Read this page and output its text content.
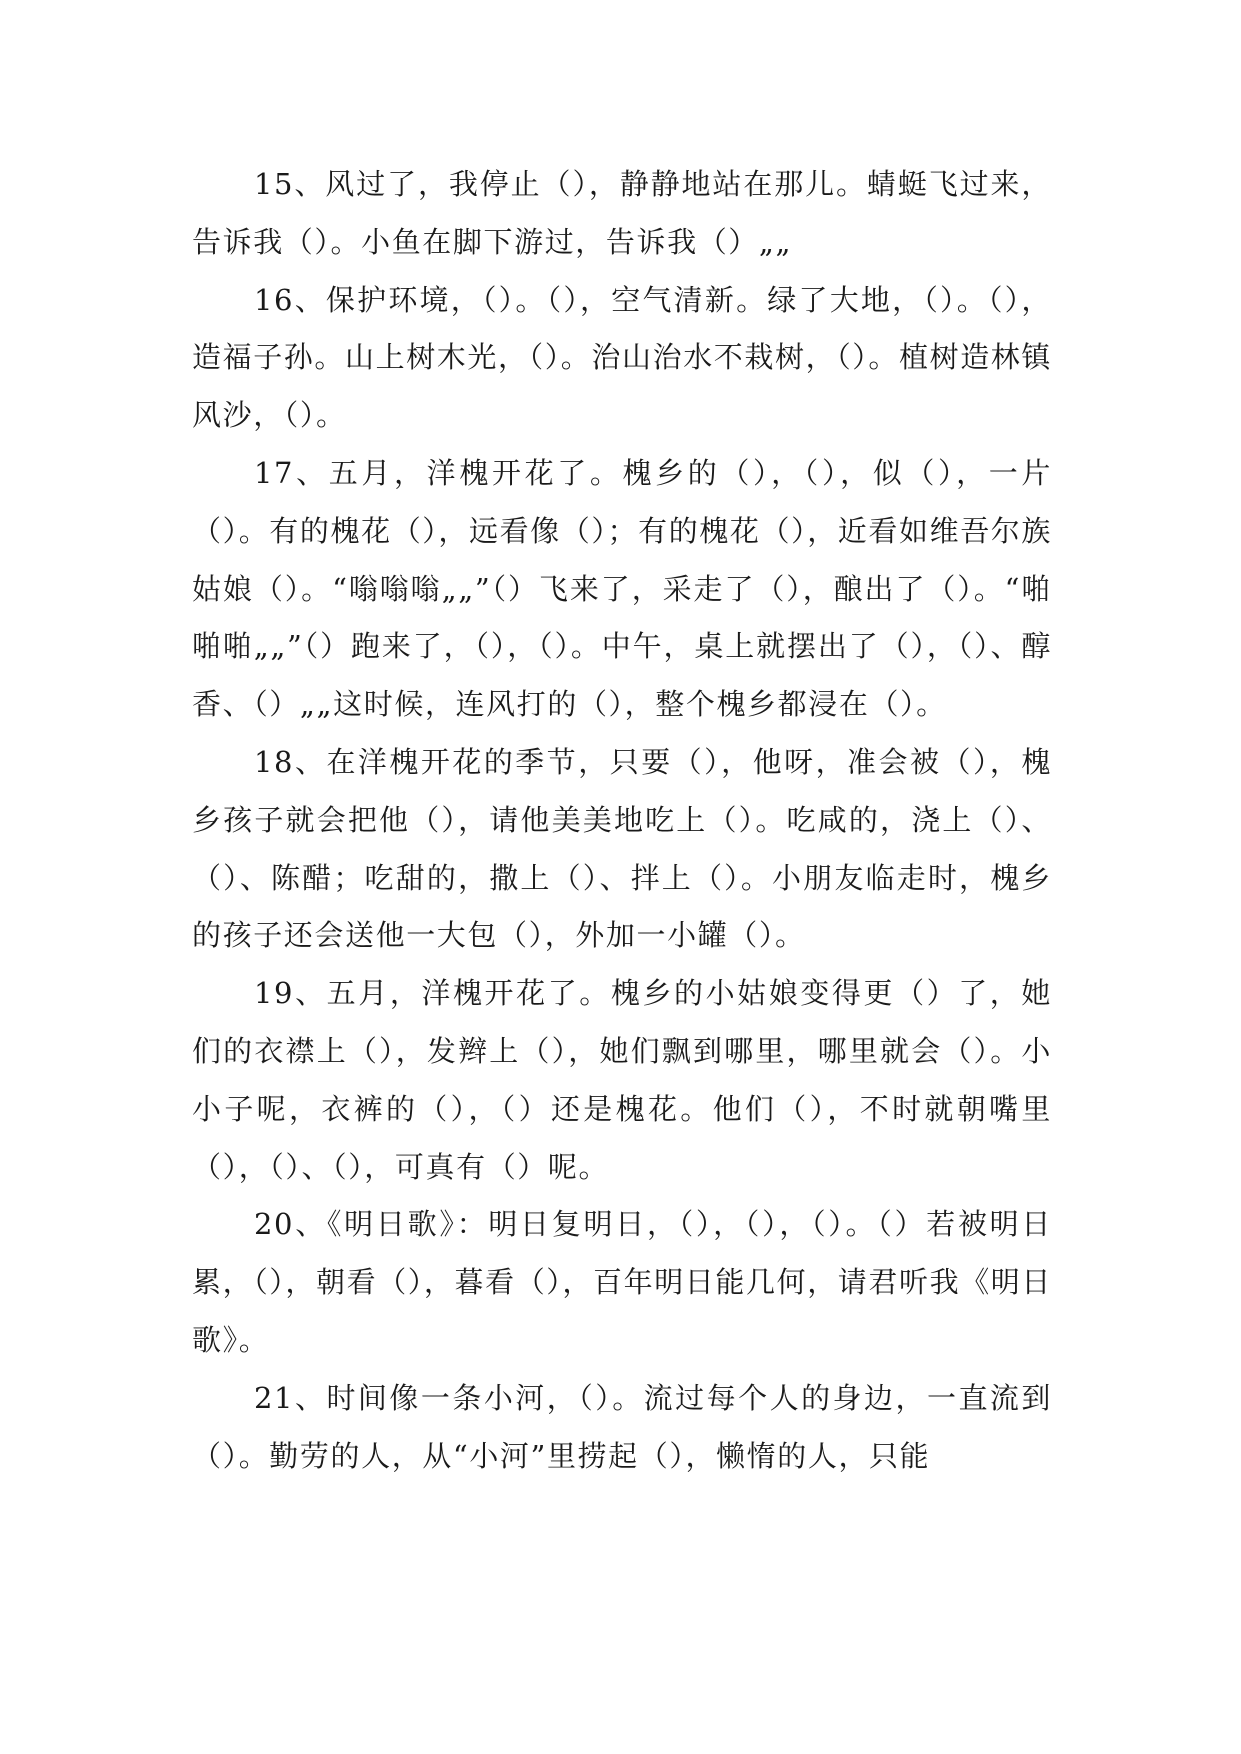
15、风过了，我停止（），静静地站在那儿。蜻蜓飞过来，告诉我（）。小鱼在脚下游过，告诉我（）„„

16、保护环境，（）。（），空气清新。绿了大地，（）。（），造福子孙。山上树木光，（）。治山治水不栽树，（）。植树造林镇风沙，（）。

17、五月，洋槐开花了。槐乡的（），（），似（），一片（）。有的槐花（），远看像（）；有的槐花（），近看如维吾尔族姑娘（）。“嗡嗡嗡„„”（）飞来了，采走了（），酿出了（）。“啪啪啪„„”（）跑来了，（），（）。中午，桌上就摆出了（），（）、醇香、（）„„这时候，连风打的（），整个槐乡都浸在（）。

18、在洋槐开花的季节，只要（），他呀，准会被（），槐乡孩子就会把他（），请他美美地吃上（）。吃咸的，浇上（）、（）、陈醋；吃甜的，撒上（）、拌上（）。小朋友临走时，槐乡的孩子还会送他一大包（），外加一小罐（）。

19、五月，洋槐开花了。槐乡的小姑娘变得更（）了，她们的衣襟上（），发辫上（），她们飘到哪里，哪里就会（）。小小子呢，衣裤的（），（）还是槐花。他们（），不时就朝嘴里（），（）、（），可真有（）呢。

20、《明日歌》：明日复明日，（），（），（）。（）若被明日累，（），朝看（），暮看（），百年明日能几何，请君听我《明日歌》。

21、时间像一条小河，（）。流过每个人的身边，一直流到（）。勤劳的人，从“小河”里捞起（），懒惰的人，只能
